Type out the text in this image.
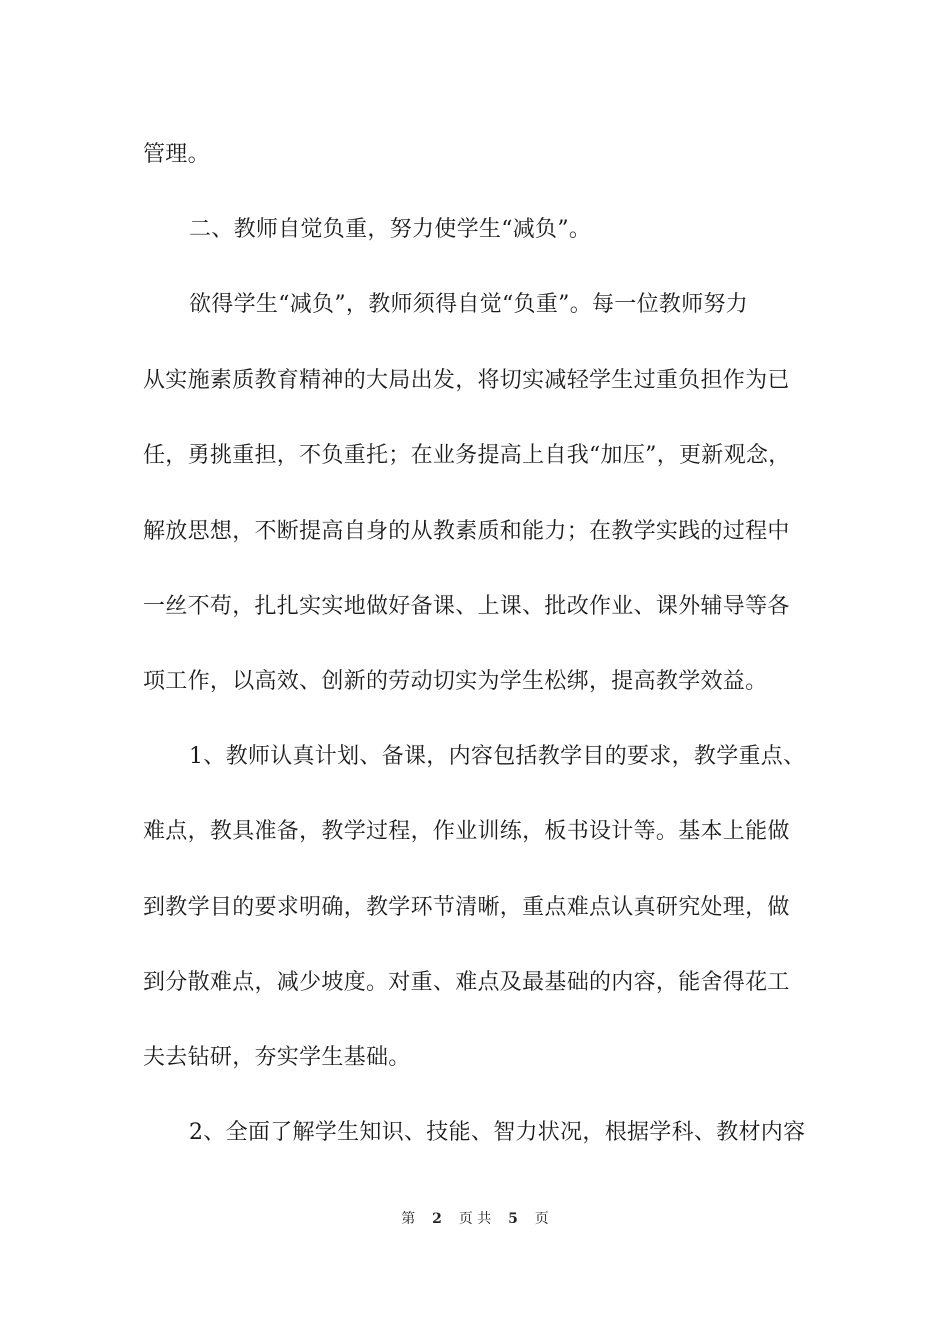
管理。
二、教师自觉负重，努力使学生“减负”。
欲得学生“减负”，教师须得自觉“负重”。每一位教师努力
从实施素质教育精神的大局出发，将切实减轻学生过重负担作为已
任，勇挑重担，不负重托；在业务提高上自我“加压”，更新观念，
解放思想，不断提高自身的从教素质和能力；在教学实践的过程中
一丝不苟，扎扎实实地做好备课、上课、批改作业、课外辅导等各
项工作，以高效、创新的劳动切实为学生松绑，提高教学效益。
1、教师认真计划、备课，内容包括教学目的要求，教学重点、
难点，教具准备，教学过程，作业训练，板书设计等。基本上能做
到教学目的要求明确，教学环节清晰，重点难点认真研究处理，做
到分散难点，减少坡度。对重、难点及最基础的内容，能舍得花工
夫去钻研，夯实学生基础。
2、全面了解学生知识、技能、智力状况，根据学科、教材内容
第 2 页 共 5 页
